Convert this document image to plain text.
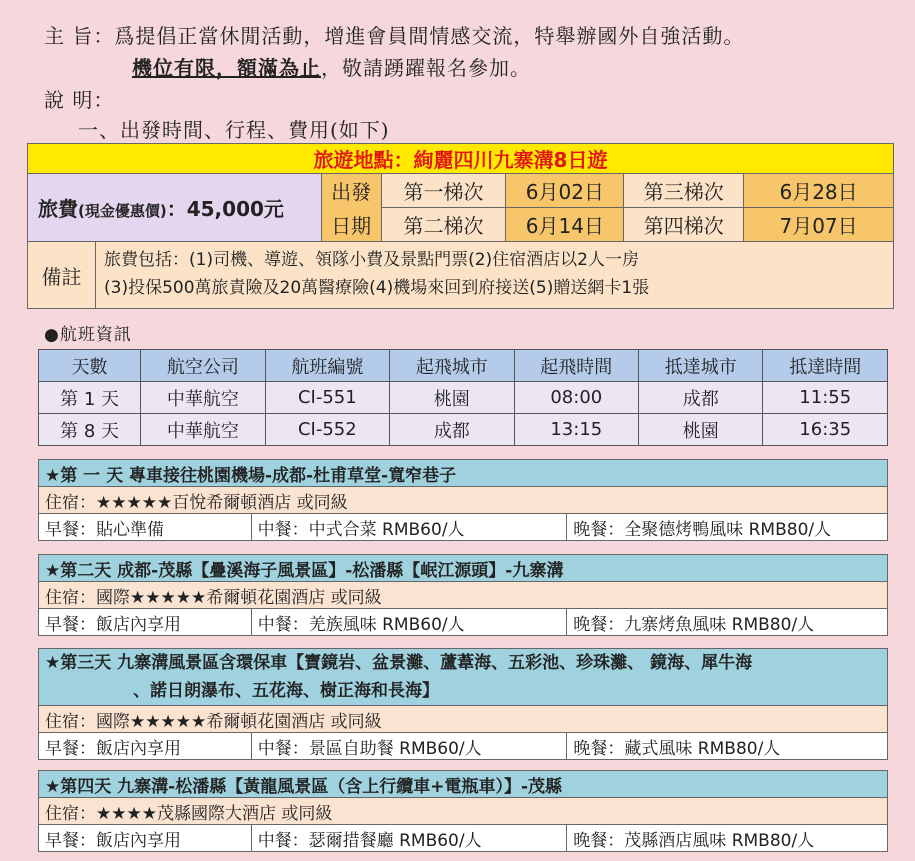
主 旨：爲提倡正當休閒活動，增進會員間情感交流，特舉辦國外自強活動。
機位有限，額滿為止，敬請踴躍報名參加。
說 明：
一、出發時間、行程、費用(如下)
旅遊地點：絢麗四川九寨溝8日遊					
旅費(現金優惠價)：45,000元	出發	第一梯次	6月02日	第三梯次	6月28日
	日期	第二梯次	6月14日	第四梯次	7月07日

備註
旅費包括：(1)司機、導遊、領隊小費及景點門票(2)住宿酒店以2人一房
(3)投保500萬旅責險及20萬醫療險(4)機場來回到府接送(5)贈送網卡1張					
●航班資訊
天數	航空公司	航班編號	起飛城市	起飛時間	抵達城市	抵達時間
第 1 天	中華航空	CI-551	桃園	08:00	成都	11:55
第 8 天	中華航空	CI-552	成都	13:15	桃園	16:35
★第 一 天 專車接往桃園機場-成都-杜甫草堂-寬窄巷子
住宿：★★★★★百悅希爾頓酒店 或同級
早餐：貼心準備	中餐：中式合菜 RMB60/人	晚餐：全聚德烤鴨風味 RMB80/人
★第二天 成都-茂縣【疊溪海子風景區】-松潘縣【岷江源頭】-九寨溝
住宿：國際★★★★★希爾頓花園酒店 或同級
早餐：飯店內享用	中餐：羌族風味 RMB60/人	晚餐：九寨烤魚風味 RMB80/人
★第三天 九寨溝風景區含環保車【寶鏡岩、盆景灘、蘆葦海、五彩池、珍珠灘、 鏡海、犀牛海
、諾日朗瀑布、五花海、樹正海和長海】

住宿：國際★★★★★希爾頓花園酒店 或同級
早餐：飯店內享用	中餐：景區自助餐 RMB60/人	晚餐：藏式風味 RMB80/人
★第四天 九寨溝-松潘縣【黃龍風景區（含上行纜車+電瓶車）】-茂縣
住宿：★★★★茂縣國際大酒店 或同級
早餐：飯店內享用	中餐：瑟爾措餐廳 RMB60/人	晚餐：茂縣酒店風味 RMB80/人
